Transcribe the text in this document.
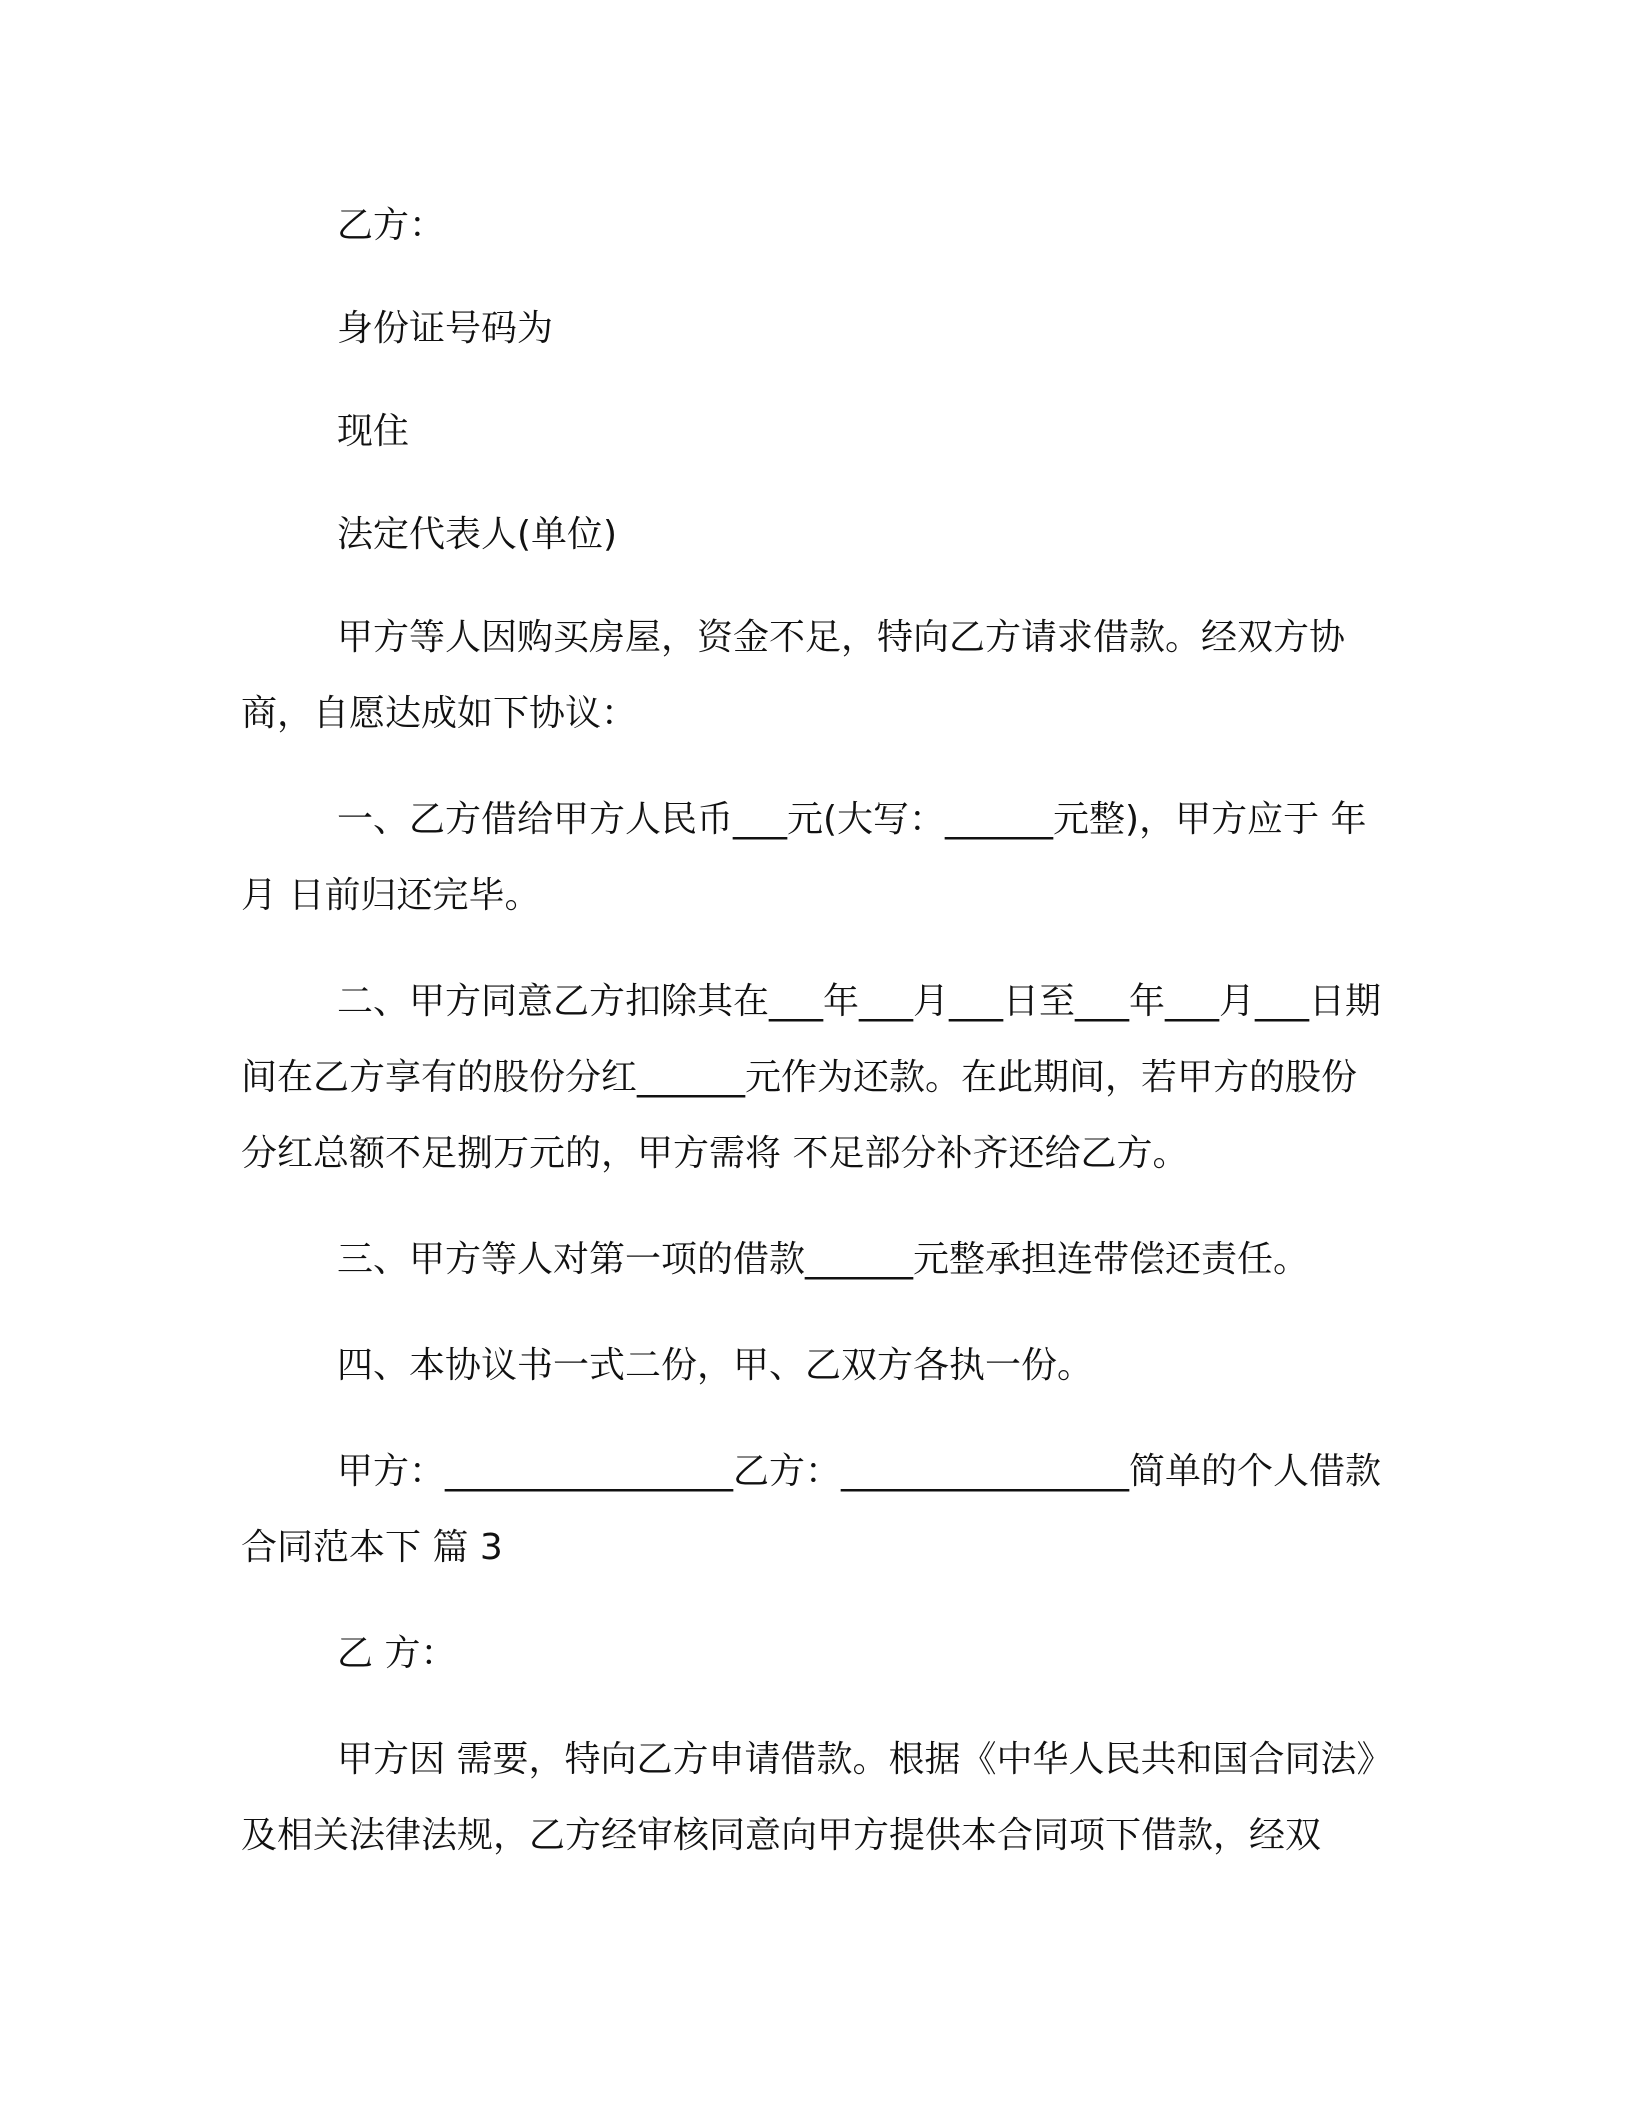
乙方：

身份证号码为

现住

法定代表人(单位)

甲方等人因购买房屋，资金不足，特向乙方请求借款。经双方协商，自愿达成如下协议：

一、乙方借给甲方人民币___元(大写：______元整)，甲方应于 年 月 日前归还完毕。

二、甲方同意乙方扣除其在___年___月___日至___年___月___日期间在乙方享有的股份分红______元作为还款。在此期间，若甲方的股份分红总额不足捌万元的，甲方需将 不足部分补齐还给乙方。

三、甲方等人对第一项的借款______元整承担连带偿还责任。

四、本协议书一式二份，甲、乙双方各执一份。

甲方：________________乙方：________________简单的个人借款合同范本下 篇 3

乙 方：

甲方因 需要，特向乙方申请借款。根据《中华人民共和国合同法》及相关法律法规，乙方经审核同意向甲方提供本合同项下借款，经双
